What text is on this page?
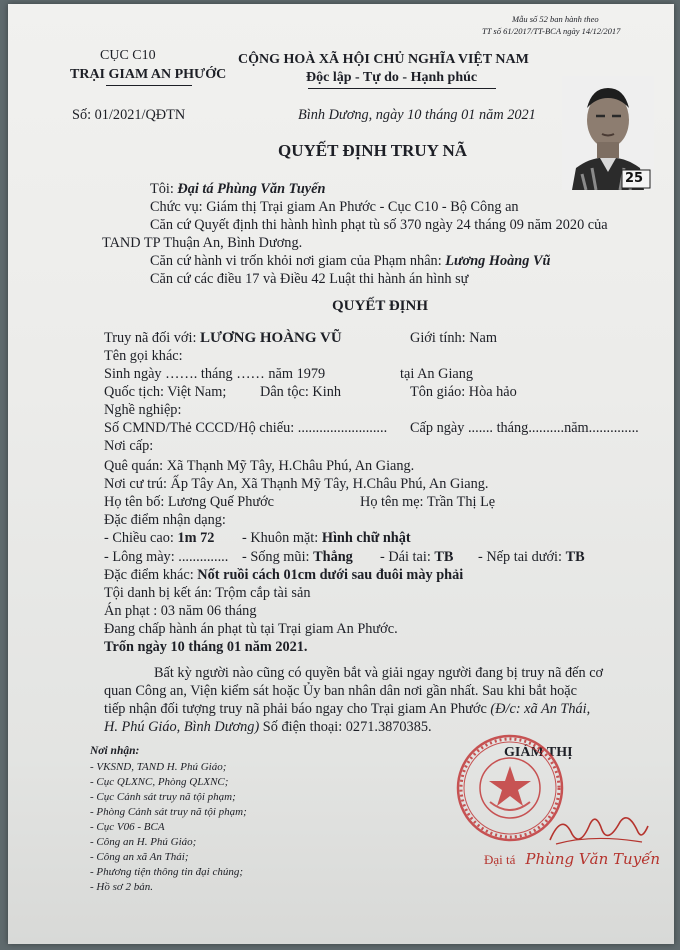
Mẫu số 52 ban hành theo
TT số 61/2017/TT-BCA ngày 14/12/2017
CỤC C10
TRẠI GIAM AN PHƯỚC
CỘNG HOÀ XÃ HỘI CHỦ NGHĨA VIỆT NAM
Độc lập - Tự do - Hạnh phúc
Số: 01/2021/QĐTN	Bình Dương, ngày 10 tháng 01 năm 2021
25
QUYẾT ĐỊNH TRUY NÃ
Tôi: Đại tá Phùng Văn Tuyến
Chức vụ: Giám thị Trại giam An Phước - Cục C10 - Bộ Công an
Căn cứ Quyết định thi hành hình phạt tù số 370 ngày 24 tháng 09 năm 2020 của
TAND TP Thuận An, Bình Dương.
Căn cứ hành vi trốn khỏi nơi giam của Phạm nhân: Lương Hoàng Vũ
Căn cứ các điều 17 và Điều 42 Luật thi hành án hình sự
QUYẾT ĐỊNH
Truy nã đối với: LƯƠNG HOÀNG VŨ	Giới tính: Nam
Tên gọi khác:
Sinh ngày ……. tháng …… năm 1979	tại An Giang
Quốc tịch: Việt Nam; Dân tộc: Kinh	Tôn giáo: Hòa hảo
Nghề nghiệp:
Số CMND/Thẻ CCCD/Hộ chiếu: ......................... Cấp ngày ....... tháng..........năm..............
Nơi cấp:
Quê quán: Xã Thạnh Mỹ Tây, H.Châu Phú, An Giang.
Nơi cư trú: Ấp Tây An, Xã Thạnh Mỹ Tây, H.Châu Phú, An Giang.
Họ tên bố: Lương Quế Phước	Họ tên mẹ: Trần Thị Lẹ
Đặc điểm nhận dạng:
- Chiều cao: 1m 72 - Khuôn mặt: Hình chữ nhật
- Lông mày: .............. - Sống mũi: Thẳng - Dái tai: TB - Nếp tai dưới: TB
Đặc điểm khác: Nốt ruồi cách 01cm dưới sau đuôi mày phải
Tội danh bị kết án: Trộm cắp tài sản
Án phạt : 03 năm 06 tháng
Đang chấp hành án phạt tù tại Trại giam An Phước.
Trốn ngày 10 tháng 01 năm 2021.
Bất kỳ người nào cũng có quyền bắt và giải ngay người đang bị truy nã đến cơ
quan Công an, Viện kiểm sát hoặc Ủy ban nhân dân nơi gần nhất. Sau khi bắt hoặc
tiếp nhận đối tượng truy nã phải báo ngay cho Trại giam An Phước (Đ/c: xã An Thái,
H. Phú Giáo, Bình Dương) Số điện thoại: 0271.3870385.
Nơi nhận:
- VKSND, TAND H. Phú Giáo;
- Cục QLXNC, Phòng QLXNC;
- Cục Cảnh sát truy nã tội phạm;
- Phòng Cảnh sát truy nã tội phạm;
- Cục V06 - BCA
- Công an H. Phú Giáo;
- Công an xã An Thái;
- Phương tiện thông tin đại chúng;
- Hồ sơ 2 bản.
GIÁM THỊ
Đại tá Phùng Văn Tuyến
